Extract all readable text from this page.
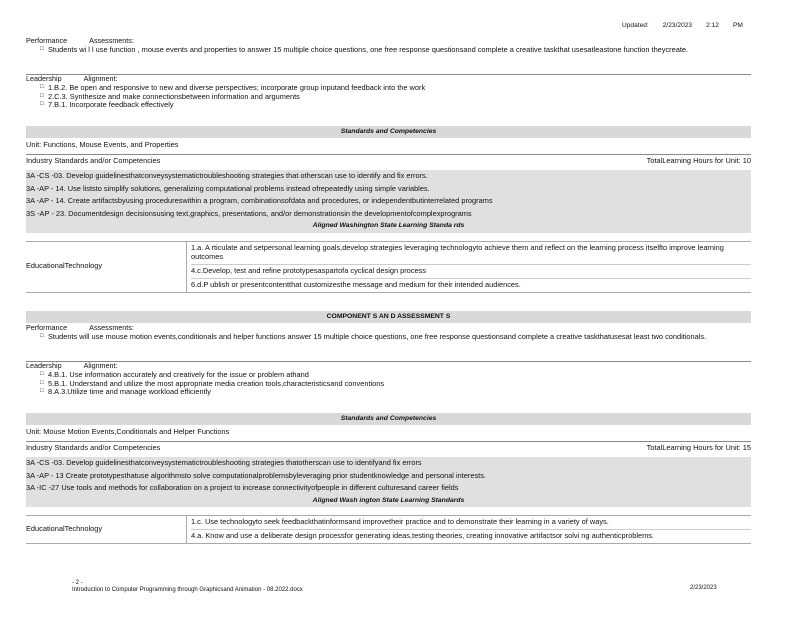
Updated: 2/23/2023 2:12 PM
Performance	Assessments:
□ Students wi l l use function , mouse events and properties to answer 15 multiple choice questions, one free response questionsand complete a creative taskthat usesatleastone function theycreate.
Leadership	Alignment:
□ 1.B.2. Be open and responsive to new and diverse perspectives; incorporate group inputand feedback into the work
□ 2.C.3. Synthesize and make connectionsbetween information and arguments
□ 7.B.1. Incorporate feedback effectively
Standards and Competencies
Unit: Functions, Mouse Events, and Properties
Industry Standards and/or Competencies	TotalLearning Hours for Unit: 10
3A -CS -03. Develop guidelinesthatconveysystematictroubleshooting strategies that otherscan use to identify and fix errors.
3A -AP - 14. Use liststo simplify solutions, generalizing computational problems instead ofrepeatedly using simple variables.
3A -AP - 14. Create artifactsbyusing procedureswithin a program, combinationsofdata and procedures, or independentbutinterrelated programs
3S -AP - 23. Documentdesign decisionsusing text,graphics, presentations, and/or demonstrationsin the developmentofcomplexprograms
Aligned Washington State Learning Standa rds
EducationalTechnology
1.a. A rticulate and setpersonal learning goals,develop strategies leveraging technologyto achieve them and reflect on the learning process itselfto improve learning outcomes
4.c.Develop, test and refine prototypesaspartofa cyclical design process
6.d.P ublish or presentcontentthat customizesthe message and medium for their intended audiences.
COMPONENT S AN D ASSESSMENT S
Performance	Assessments:
□ Students will use mouse motion events,conditionals and helper functions answer 15 multiple choice questions, one free response questionsand complete a creative taskthatusesat least two conditionals.
Leadership	Alignment:
□ 4.B.1. Use information accurately and creatively for the issue or problem athand
□ 5.B.1. Understand and utilize the most appropriate media creation tools,characteristicsand conventions
□ 8.A.3.Utilize time and manage workload efficiently
Standards and Competencies
Unit: Mouse Motion Events,Conditionals and Helper Functions
Industry Standards and/or Competencies	TotalLearning Hours for Unit: 15
3A -CS -03. Develop guidelinesthatconveysystematictroubleshooting strategies thatotherscan use to identifyand fix errors
3A -AP - 13 Create prototypesthatuse algorithmsto solve computationalproblemsbyleveraging prior studentknowledge and personal interests.
3A -IC -27 Use tools and methods for collaboration on a project to increase connectivityofpeople in different culturesand career fields
Aligned Wash ington State Learning Standards
EducationalTechnology
1.c. Use technologyto seek feedbackthatinformsand improvetheir practice and to demonstrate their learning in a variety of ways.
4.a. Know and use a deliberate design processfor generating ideas,testing theories, creating innovative artifactsor solvi ng authenticproblems.
- 2 -
Introduction to Computer Programming through Graphicsand Animation - 08.2022.docx	2/23/2023
